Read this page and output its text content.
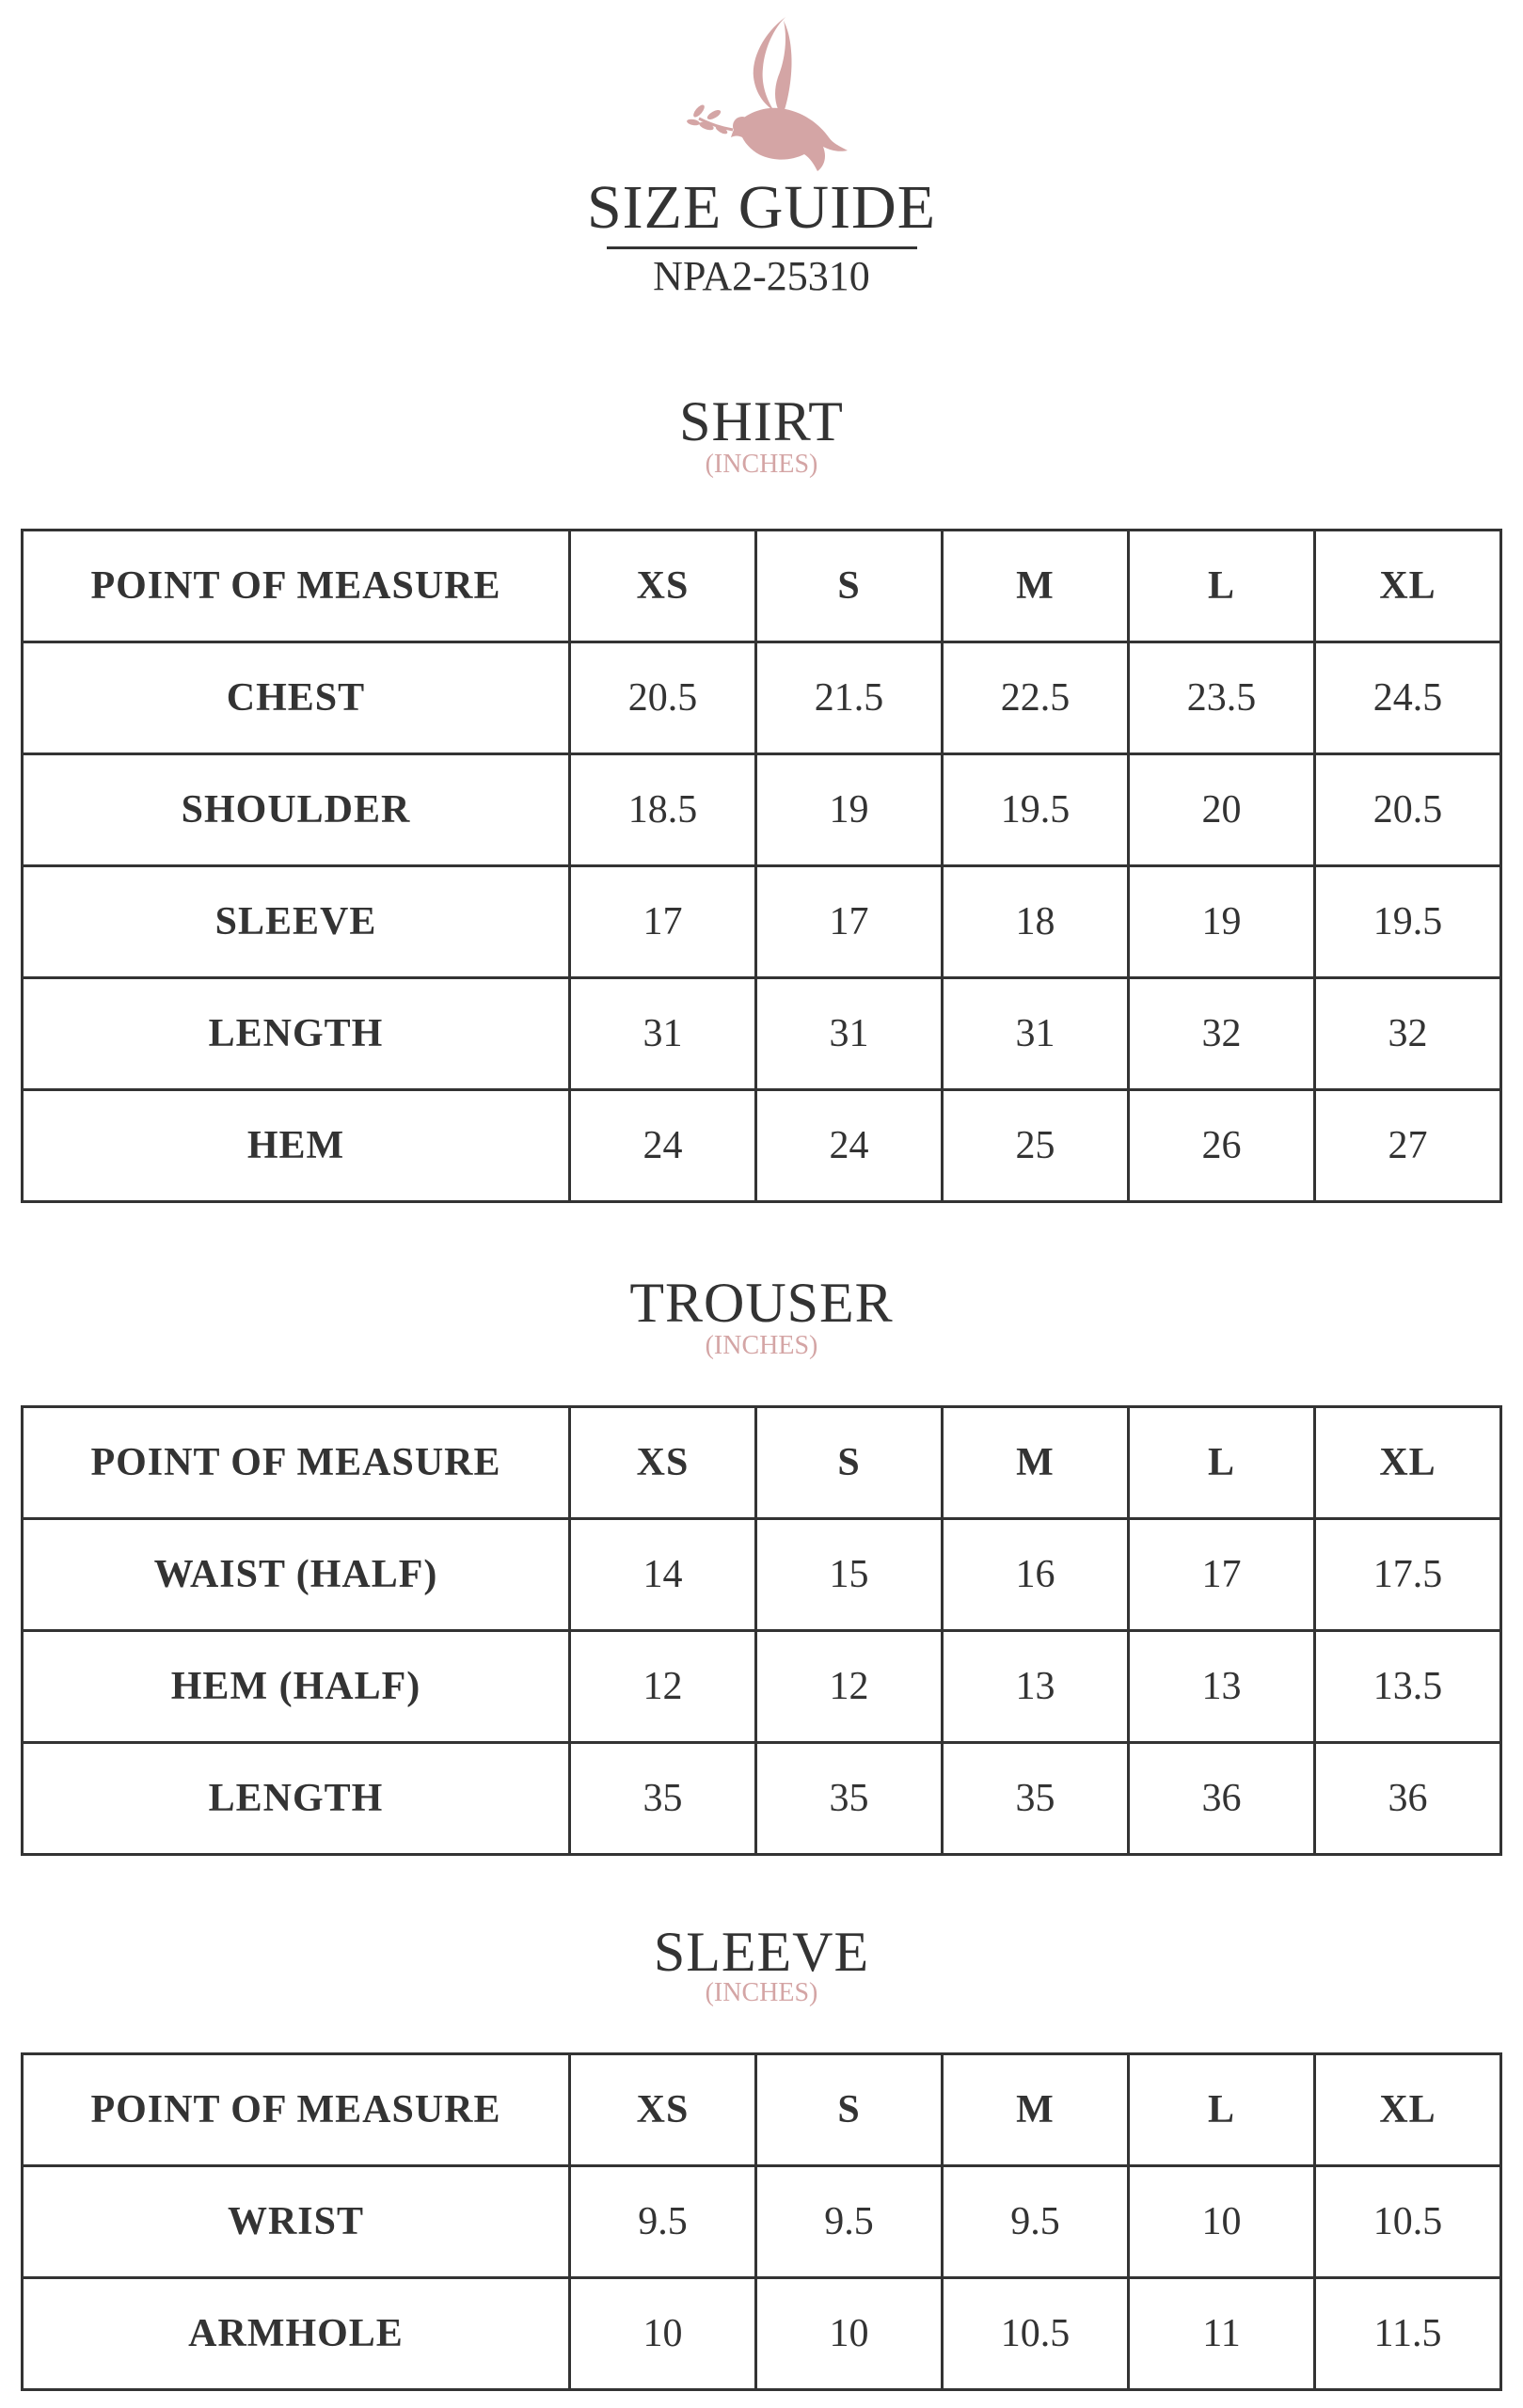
SIZE GUIDE
NPA2-25310
SHIRT
(INCHES)
POINT OF MEASURE	XS	S	M	L	XL
CHEST	20.5	21.5	22.5	23.5	24.5
SHOULDER	18.5	19	19.5	20	20.5
SLEEVE	17	17	18	19	19.5
LENGTH	31	31	31	32	32
HEM	24	24	25	26	27
TROUSER
(INCHES)
POINT OF MEASURE	XS	S	M	L	XL
WAIST (HALF)	14	15	16	17	17.5
HEM (HALF)	12	12	13	13	13.5
LENGTH	35	35	35	36	36
SLEEVE
(INCHES)
POINT OF MEASURE	XS	S	M	L	XL
WRIST	9.5	9.5	9.5	10	10.5
ARMHOLE	10	10	10.5	11	11.5
